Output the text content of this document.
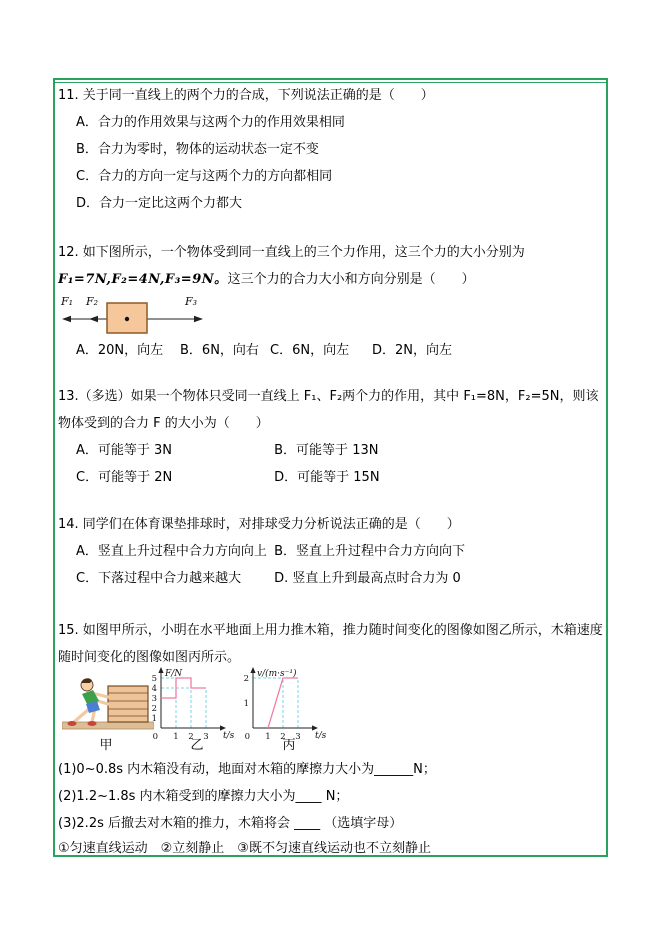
11. 关于同一直线上的两个力的合成，下列说法正确的是（　　）
A．合力的作用效果与这两个力的作用效果相同
B．合力为零时，物体的运动状态一定不变
C．合力的方向一定与这两个力的方向都相同
D．合力一定比这两个力都大
12. 如下图所示，一个物体受到同一直线上的三个力作用，这三个力的大小分别为
F₁=7N,F₂=4N,F₃=9N。这三个力的合力大小和方向分别是（　　）
F₁ F₂	F₃
A．20N，向左 B．6N，向右 C．6N，向左 D．2N，向左
13.（多选）如果一个物体只受同一直线上 F₁、F₂两个力的作用，其中 F₁=8N，F₂=5N，则该物体受到的合力 F 的大小为（　　）
A．可能等于 3N	B．可能等于 13N
C．可能等于 2N	D．可能等于 15N
14. 同学们在体育课垫排球时，对排球受力分析说法正确的是（　　）
A．竖直上升过程中合力方向向上 B．竖直上升过程中合力方向向下
C．下落过程中合力越来越大	D. 竖直上升到最高点时合力为 0
15. 如图甲所示，小明在水平地面上用力推木箱，推力随时间变化的图像如图乙所示，木箱速度随时间变化的图像如图丙所示。
1 2 3
1
2
3
4
5
0
F/N
t/s	1 2 3
1
2
0
v/(m·s⁻¹)
t/s
甲	乙	丙
(1)0~0.8s 内木箱没有动，地面对木箱的摩擦力大小为______N；
(2)1.2~1.8s 内木箱受到的摩擦力大小为____ N；
(3)2.2s 后撤去对木箱的推力，木箱将会 ____ （选填字母）
①匀速直线运动　②立刻静止　③既不匀速直线运动也不立刻静止
